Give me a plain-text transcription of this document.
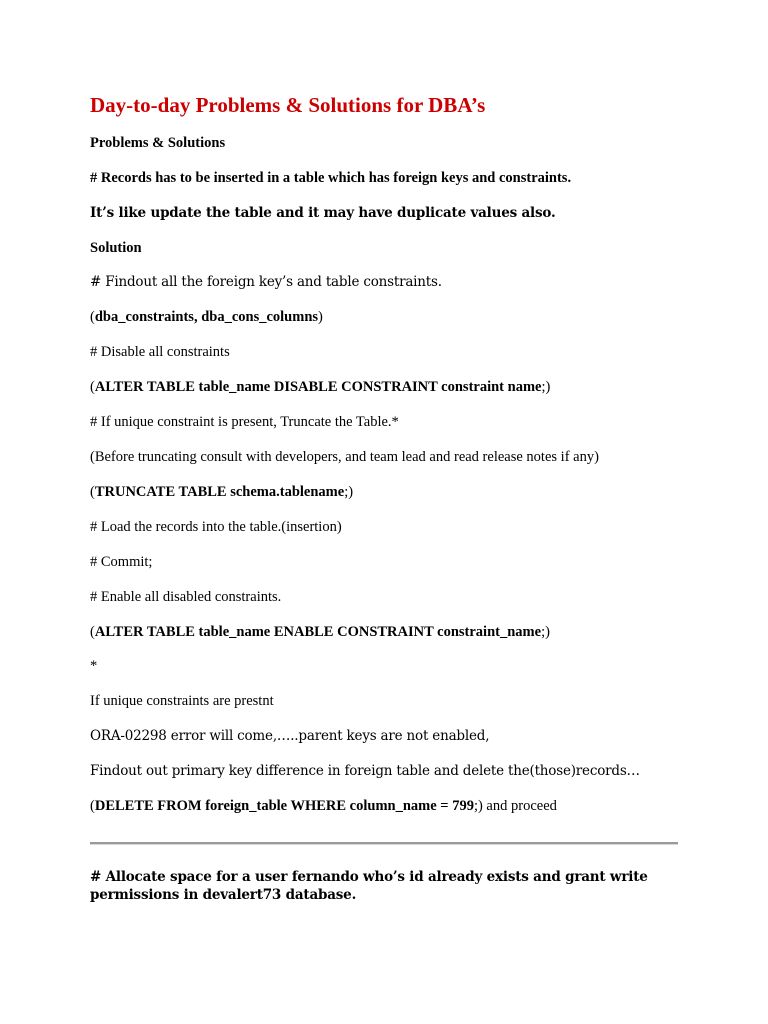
Day-to-day Problems & Solutions for DBA’s
Problems & Solutions
# Records has to be inserted in a table which has foreign keys and constraints.
It’s like update the table and it may have duplicate values also.
Solution
# Findout all the foreign key’s and table constraints.
(dba_constraints, dba_cons_columns)
# Disable all constraints
(ALTER TABLE table_name DISABLE CONSTRAINT constraint name;)
# If unique constraint is present, Truncate the Table.*
(Before truncating consult with developers, and team lead and read release notes if any)
(TRUNCATE TABLE schema.tablename;)
# Load the records into the table.(insertion)
# Commit;
# Enable all disabled constraints.
(ALTER TABLE table_name ENABLE CONSTRAINT constraint_name;)
*
If unique constraints are prestnt
ORA-02298 error will come,…..parent keys are not enabled,
Findout out primary key difference in foreign table and delete the(those)records…
(DELETE FROM foreign_table WHERE column_name = 799;) and proceed
# Allocate space for a user fernando who’s id already exists and grant write permissions in devalert73 database.
